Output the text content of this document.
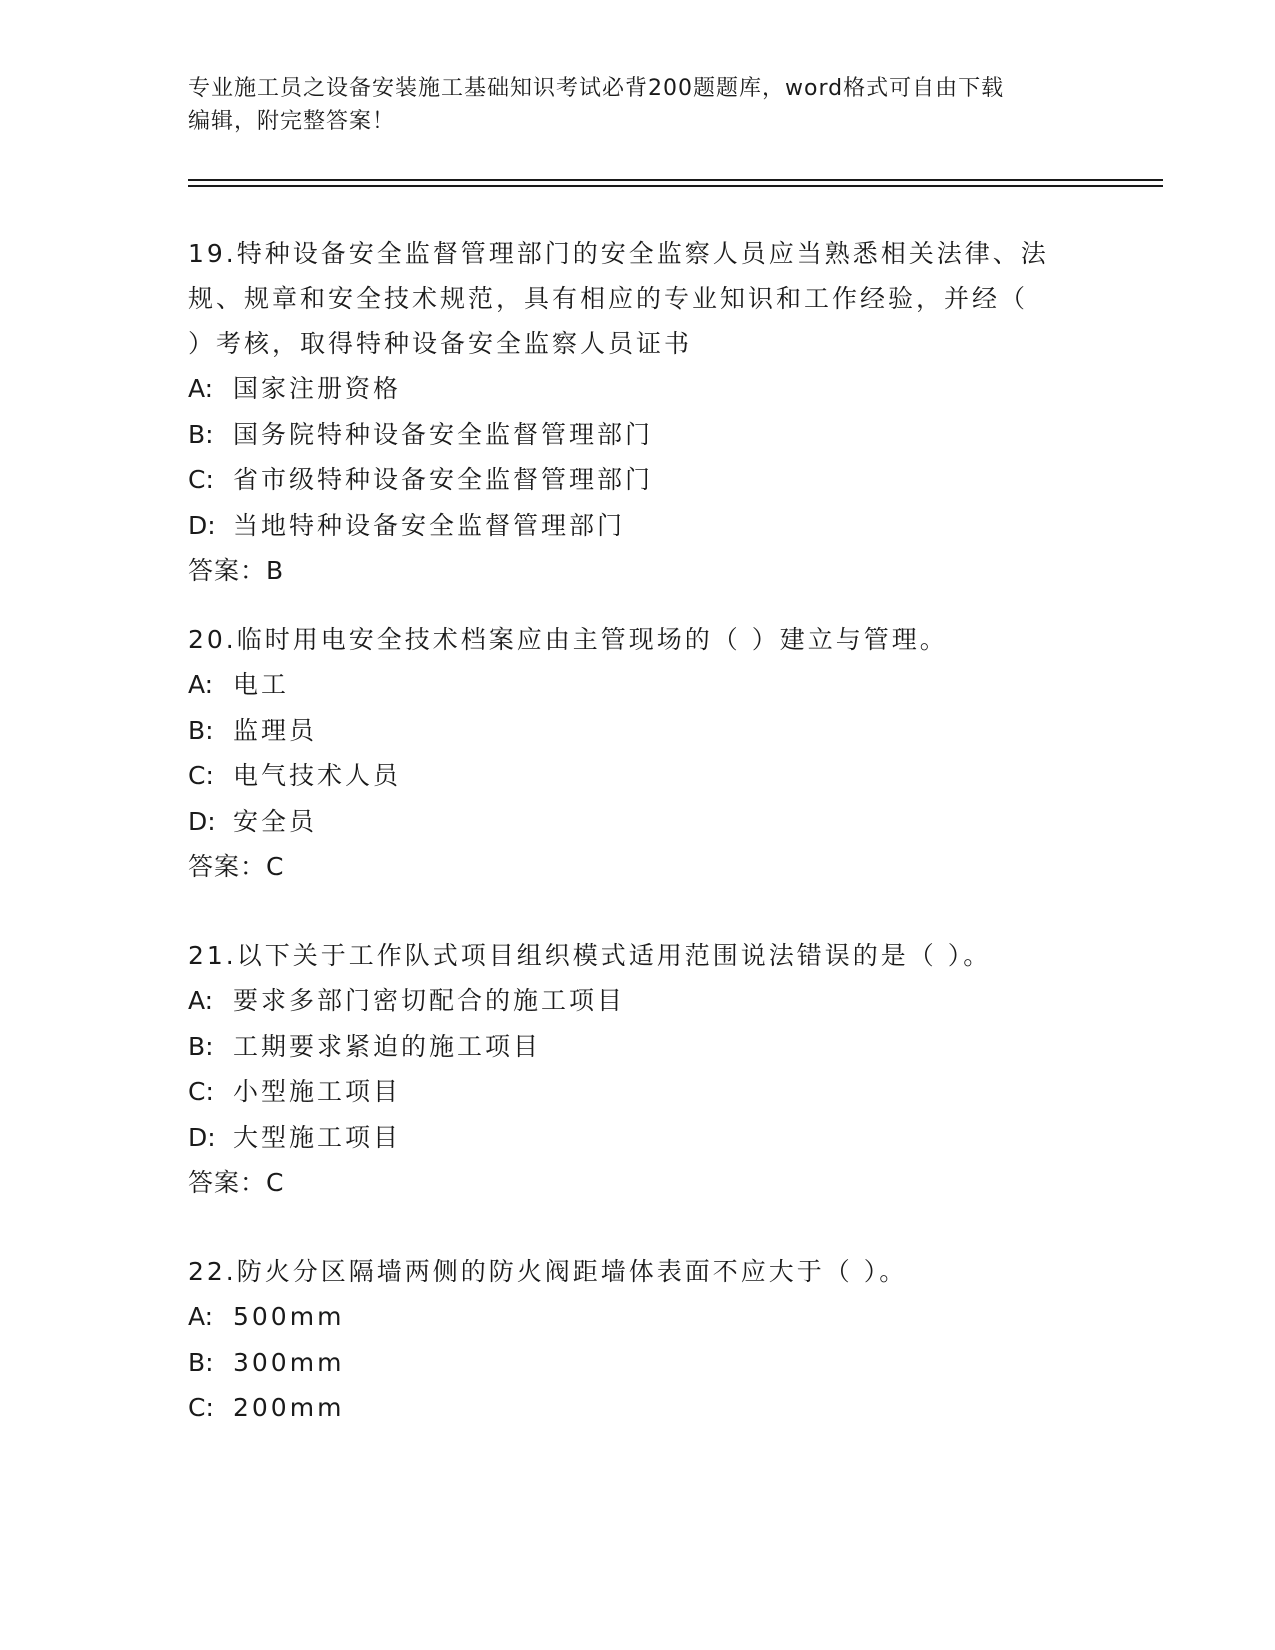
专业施工员之设备安装施工基础知识考试必背200题题库，word格式可自由下载
编辑，附完整答案！

19.特种设备安全监督管理部门的安全监察人员应当熟悉相关法律、法

规、规章和安全技术规范，具有相应的专业知识和工作经验，并经（

）考核，取得特种设备安全监察人员证书

A: 国家注册资格

B: 国务院特种设备安全监督管理部门

C: 省市级特种设备安全监督管理部门

D: 当地特种设备安全监督管理部门

答案：B

20.临时用电安全技术档案应由主管现场的（ ）建立与管理。

A: 电工

B: 监理员

C: 电气技术人员

D: 安全员

答案：C

21.以下关于工作队式项目组织模式适用范围说法错误的是（ ）。

A: 要求多部门密切配合的施工项目

B: 工期要求紧迫的施工项目

C: 小型施工项目

D: 大型施工项目

答案：C

22.防火分区隔墙两侧的防火阀距墙体表面不应大于（ ）。

A: 500mm

B: 300mm

C: 200mm
